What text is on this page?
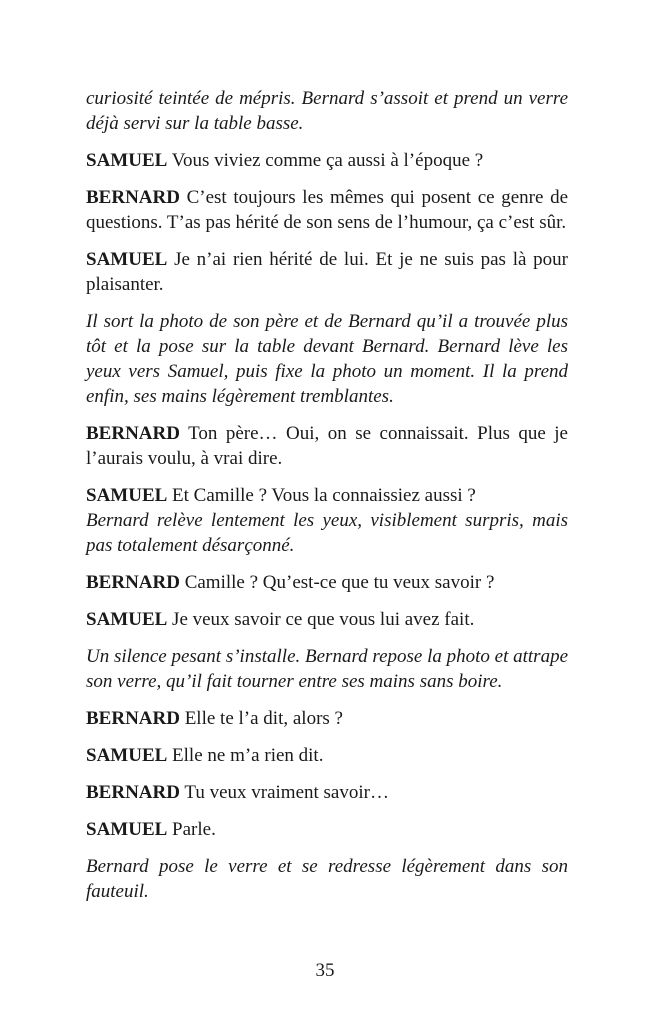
curiosité teintée de mépris. Bernard s’assoit et prend un verre déjà servi sur la table basse.

SAMUEL Vous viviez comme ça aussi à l’époque ?

BERNARD C’est toujours les mêmes qui posent ce genre de questions. T’as pas hérité de son sens de l’humour, ça c’est sûr.

SAMUEL Je n’ai rien hérité de lui. Et je ne suis pas là pour plaisanter.

Il sort la photo de son père et de Bernard qu’il a trouvée plus tôt et la pose sur la table devant Bernard. Bernard lève les yeux vers Samuel, puis fixe la photo un moment. Il la prend enfin, ses mains légèrement tremblantes.

BERNARD Ton père… Oui, on se connaissait. Plus que je l’aurais voulu, à vrai dire.

SAMUEL Et Camille ? Vous la connaissiez aussi ?

Bernard relève lentement les yeux, visiblement surpris, mais pas totalement désarçonné.

BERNARD Camille ? Qu’est-ce que tu veux savoir ?

SAMUEL Je veux savoir ce que vous lui avez fait.

Un silence pesant s’installe. Bernard repose la photo et attrape son verre, qu’il fait tourner entre ses mains sans boire.

BERNARD Elle te l’a dit, alors ?

SAMUEL Elle ne m’a rien dit.

BERNARD Tu veux vraiment savoir…

SAMUEL Parle.

Bernard pose le verre et se redresse légèrement dans son fauteuil.

35
